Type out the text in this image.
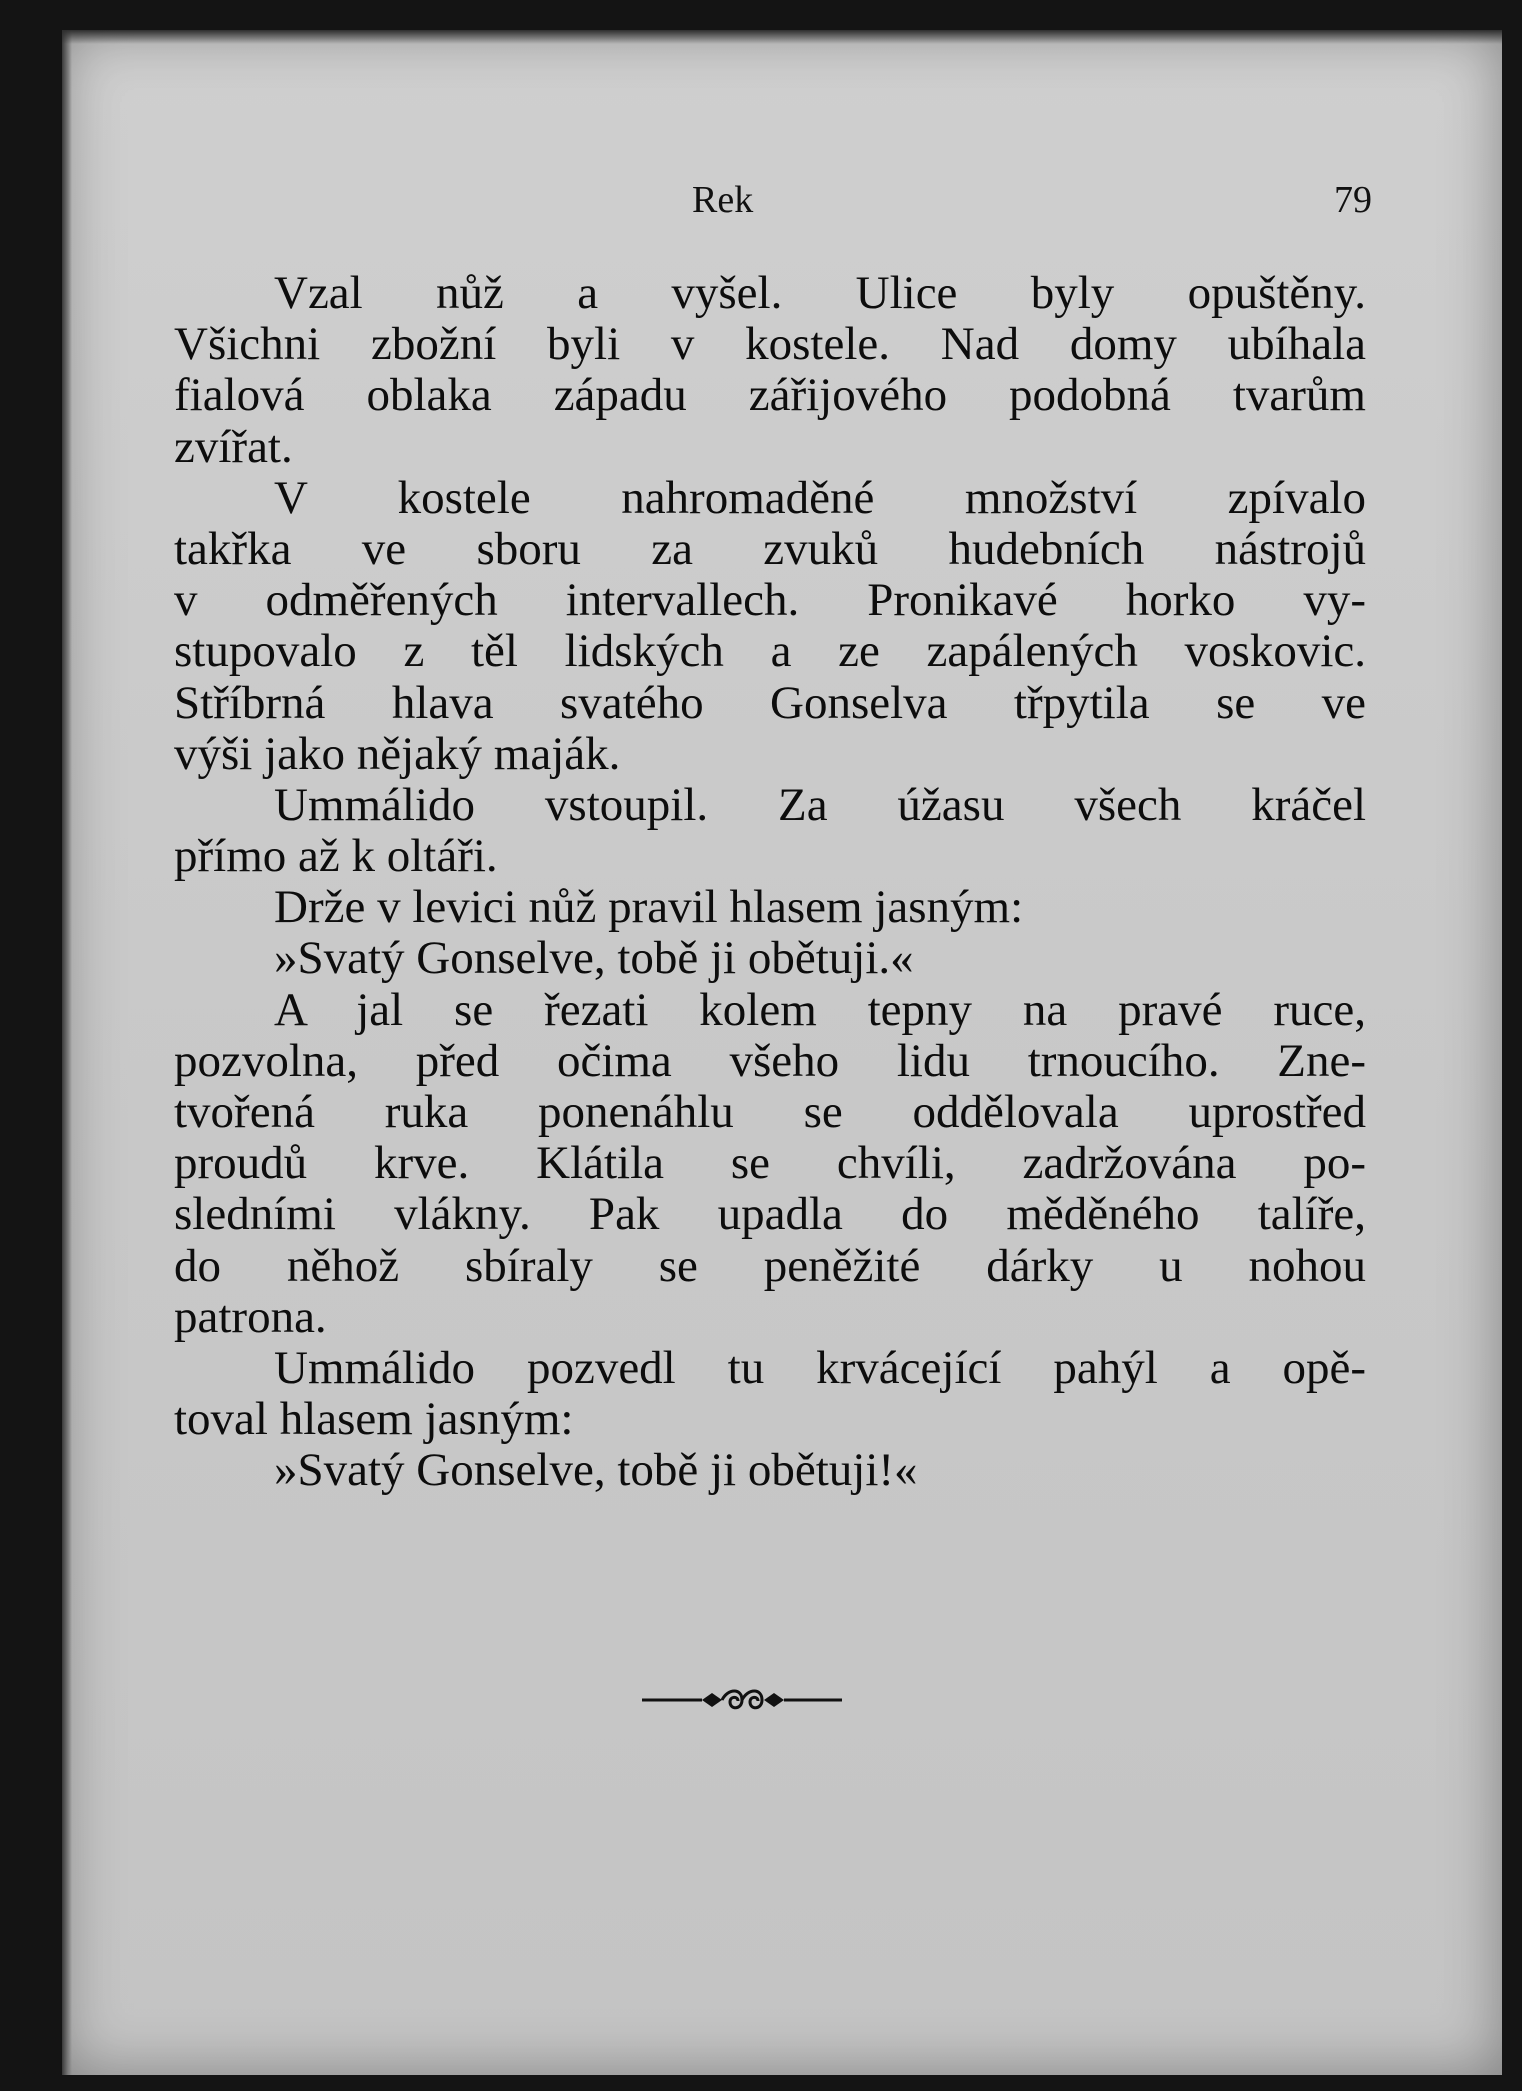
Rek	79
Vzal nůž a vyšel. Ulice byly opuštěny.
Všichni zbožní byli v kostele. Nad domy ubíhala
fialová oblaka západu zářijového podobná tvarům
zvířat.
V kostele nahromaděné množství zpívalo
takřka ve sboru za zvuků hudebních nástrojů
v odměřených intervallech. Pronikavé horko vy-
stupovalo z těl lidských a ze zapálených voskovic.
Stříbrná hlava svatého Gonselva třpytila se ve
výši jako nějaký maják.
Ummálido vstoupil. Za úžasu všech kráčel
přímo až k oltáři.
Drže v levici nůž pravil hlasem jasným:
»Svatý Gonselve, tobě ji obětuji.«
A jal se řezati kolem tepny na pravé ruce,
pozvolna, před očima všeho lidu trnoucího. Zne-
tvořená ruka ponenáhlu se oddělovala uprostřed
proudů krve. Klátila se chvíli, zadržována po-
sledními vlákny. Pak upadla do měděného talíře,
do něhož sbíraly se peněžité dárky u nohou
patrona.
Ummálido pozvedl tu krvácející pahýl a opě-
toval hlasem jasným:
»Svatý Gonselve, tobě ji obětuji!«
